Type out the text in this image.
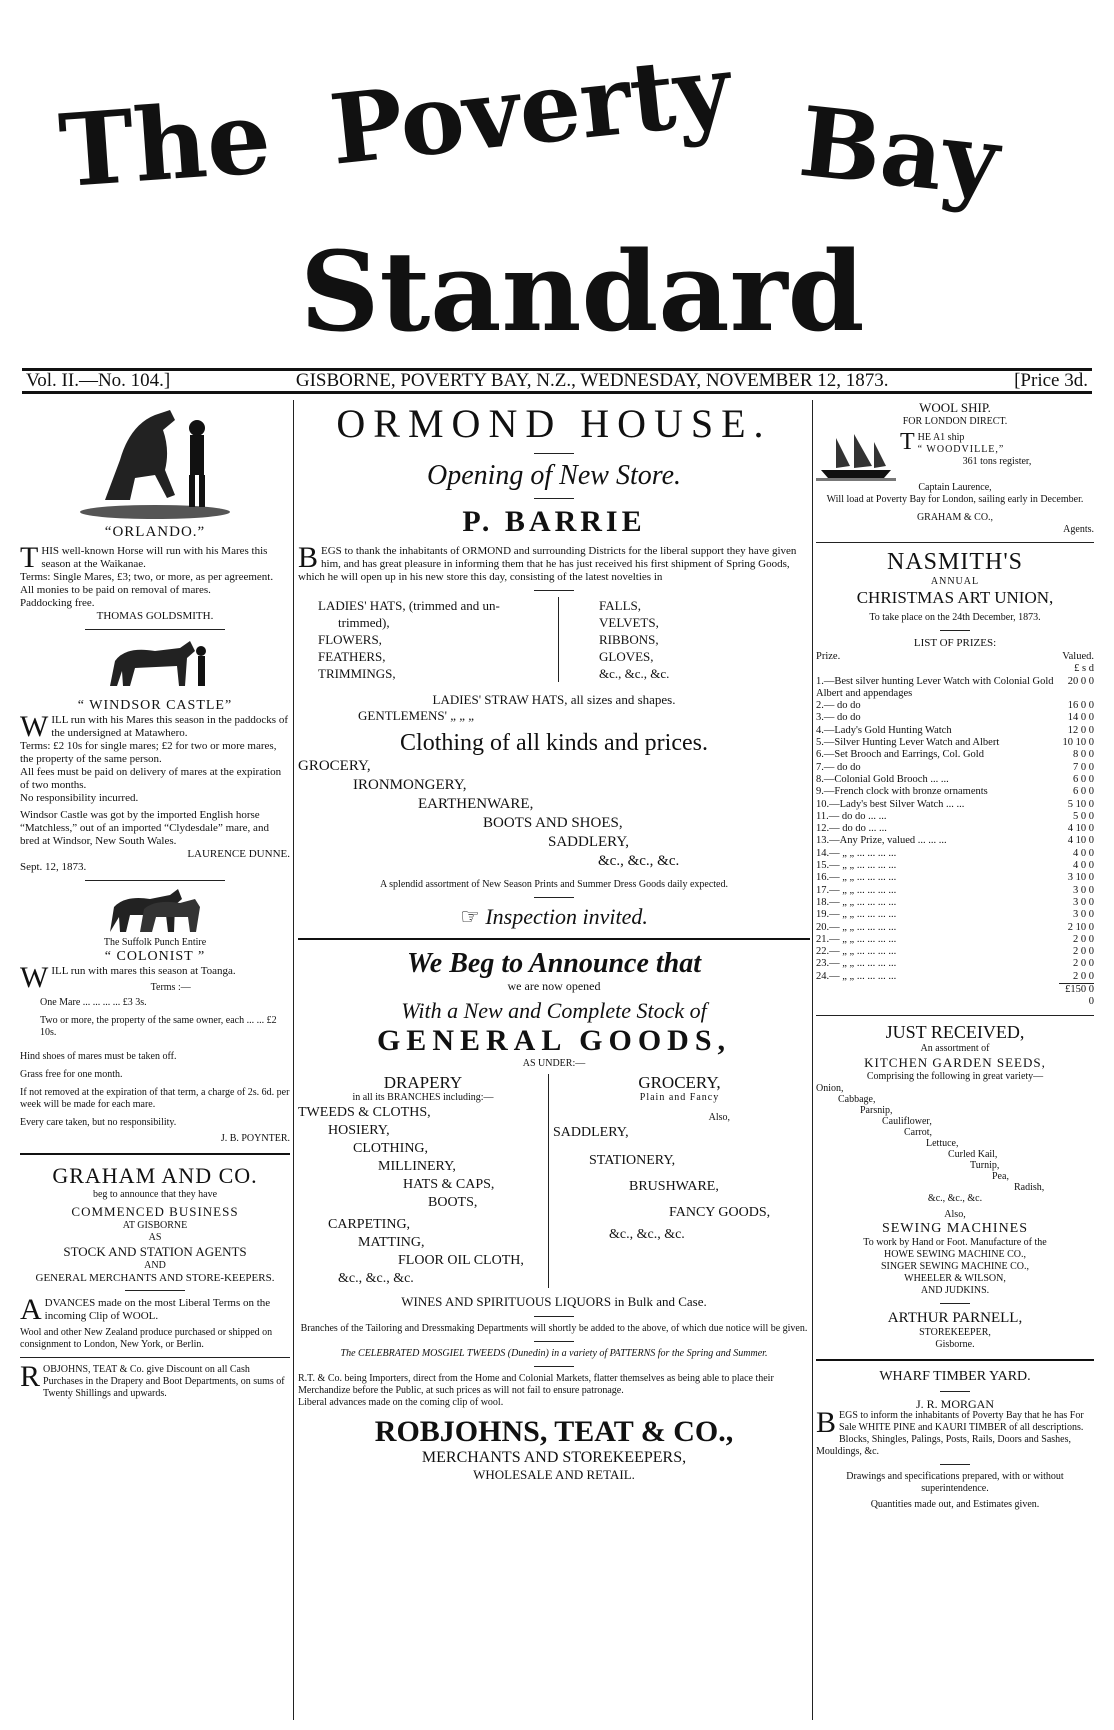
The Poverty Bay
Standard
Vol. II.—No. 104.]	GISBORNE, POVERTY BAY, N.Z., WEDNESDAY, NOVEMBER 12, 1873.	[Price 3d.

“ORLANDO.”

THIS well-known Horse will run with his Mares this season at the Waikanae.

Terms: Single Mares, £3; two, or more, as per agreement.

All monies to be paid on removal of mares.

Paddocking free.

THOMAS GOLDSMITH.

“ WINDSOR CASTLE”

WILL run with his Mares this season in the paddocks of the undersigned at Matawhero.

Terms: £2 10s for single mares; £2 for two or more mares, the property of the same person.

All fees must be paid on delivery of mares at the expiration of two months.

No responsibility incurred.

Windsor Castle was got by the imported English horse “Matchless,” out of an imported “Clydesdale” mare, and bred at Windsor, New South Wales.

LAURENCE DUNNE.

Sept. 12, 1873.

The Suffolk Punch Entire

“ COLONIST ”

WILL run with mares this season at Toanga.

Terms :—

One Mare ... ... ... ... £3 3s.

Two or more, the property of the same owner, each ... ... £2 10s.

Hind shoes of mares must be taken off.

Grass free for one month.

If not removed at the expiration of that term, a charge of 2s. 6d. per week will be made for each mare.

Every care taken, but no responsibility.

J. B. POYNTER.

GRAHAM AND CO.

beg to announce that they have

COMMENCED BUSINESS

AT GISBORNE

AS

STOCK AND STATION AGENTS

AND

GENERAL MERCHANTS AND STORE-KEEPERS.

ADVANCES made on the most Liberal Terms on the incoming Clip of WOOL.

Wool and other New Zealand produce purchased or shipped on consignment to London, New York, or Berlin.

ROBJOHNS, TEAT & Co. give Discount on all Cash Purchases in the Drapery and Boot Departments, on sums of Twenty Shillings and upwards.

ORMOND HOUSE.

Opening of New Store.

P. BARRIE

BEGS to thank the inhabitants of ORMOND and surrounding Districts for the liberal support they have given him, and has great pleasure in informing them that he has just received his first shipment of Spring Goods, which he will open up in his new store this day, consisting of the latest novelties in

LADIES' HATS, (trimmed and un-

trimmed),

FLOWERS,

FEATHERS,

TRIMMINGS,

FALLS,

VELVETS,

RIBBONS,

GLOVES,

&c., &c., &c.

LADIES' STRAW HATS, all sizes and shapes.

GENTLEMENS' „ „ „

Clothing of all kinds and prices.

GROCERY,

IRONMONGERY,

EARTHENWARE,

BOOTS AND SHOES,

SADDLERY,

&c., &c., &c.

A splendid assortment of New Season Prints and Summer Dress Goods daily expected.

☞ Inspection invited.

We Beg to Announce that

we are now opened

With a New and Complete Stock of

GENERAL GOODS,

AS UNDER:—

DRAPERY

in all its BRANCHES including:—

TWEEDS & CLOTHS,

HOSIERY,

CLOTHING,

MILLINERY,

HATS & CAPS,

BOOTS,

CARPETING,

MATTING,

FLOOR OIL CLOTH,

&c., &c., &c.

GROCERY,

Plain and Fancy

Also,

SADDLERY,

STATIONERY,

BRUSHWARE,

FANCY GOODS,

&c., &c., &c.

WINES AND SPIRITUOUS LIQUORS in Bulk and Case.

Branches of the Tailoring and Dressmaking Departments will shortly be added to the above, of which due notice will be given.

The CELEBRATED MOSGIEL TWEEDS (Dunedin) in a variety of PATTERNS for the Spring and Summer.

R.T. & Co. being Importers, direct from the Home and Colonial Markets, flatter themselves as being able to place their Merchandize before the Public, at such prices as will not fail to ensure patronage.

Liberal advances made on the coming clip of wool.

ROBJOHNS, TEAT & CO.,

MERCHANTS AND STOREKEEPERS,

WHOLESALE AND RETAIL.

WOOL SHIP.

FOR LONDON DIRECT.

THE A1 ship

“ WOODVILLE,”

361 tons register,

Captain Laurence,

Will load at Poverty Bay for London, sailing early in December.

GRAHAM & CO.,

Agents.

NASMITH'S

ANNUAL

CHRISTMAS ART UNION,

To take place on the 24th December, 1873.

LIST OF PRIZES:

Prize.	Valued.
	£ s d
1.—Best silver hunting Lever Watch with Colonial Gold Albert and appendages	20 0 0
2.— do do	16 0 0
3.— do do	14 0 0
4.—Lady's Gold Hunting Watch	12 0 0
5.—Silver Hunting Lever Watch and Albert	10 10 0
6.—Set Brooch and Earrings, Col. Gold	8 0 0
7.— do do	7 0 0
8.—Colonial Gold Brooch ... ...	6 0 0
9.—French clock with bronze ornaments	6 0 0
10.—Lady's best Silver Watch ... ...	5 10 0
11.— do do ... ...	5 0 0
12.— do do ... ...	4 10 0
13.—Any Prize, valued ... ... ...	4 10 0
14.— „ „ ... ... ... ...	4 0 0
15.— „ „ ... ... ... ...	4 0 0
16.— „ „ ... ... ... ...	3 10 0
17.— „ „ ... ... ... ...	3 0 0
18.— „ „ ... ... ... ...	3 0 0
19.— „ „ ... ... ... ...	3 0 0
20.— „ „ ... ... ... ...	2 10 0
21.— „ „ ... ... ... ...	2 0 0
22.— „ „ ... ... ... ...	2 0 0
23.— „ „ ... ... ... ...	2 0 0
24.— „ „ ... ... ... ...	2 0 0
	£150 0 0

JUST RECEIVED,

An assortment of

KITCHEN GARDEN SEEDS,

Comprising the following in great variety—

Onion,

Cabbage,

Parsnip,

Cauliflower,

Carrot,

Lettuce,

Curled Kail,

Turnip,

Pea,

Radish,

&c., &c., &c.

Also,

SEWING MACHINES

To work by Hand or Foot. Manufacture of the

HOWE SEWING MACHINE CO.,

SINGER SEWING MACHINE CO.,

WHEELER & WILSON,

AND JUDKINS.

ARTHUR PARNELL,

STOREKEEPER,

Gisborne.

WHARF TIMBER YARD.

J. R. MORGAN

BEGS to inform the inhabitants of Poverty Bay that he has For Sale WHITE PINE and KAURI TIMBER of all descriptions. Blocks, Shingles, Palings, Posts, Rails, Doors and Sashes, Mouldings, &c.

Drawings and specifications prepared, with or without superintendence.

Quantities made out, and Estimates given.
